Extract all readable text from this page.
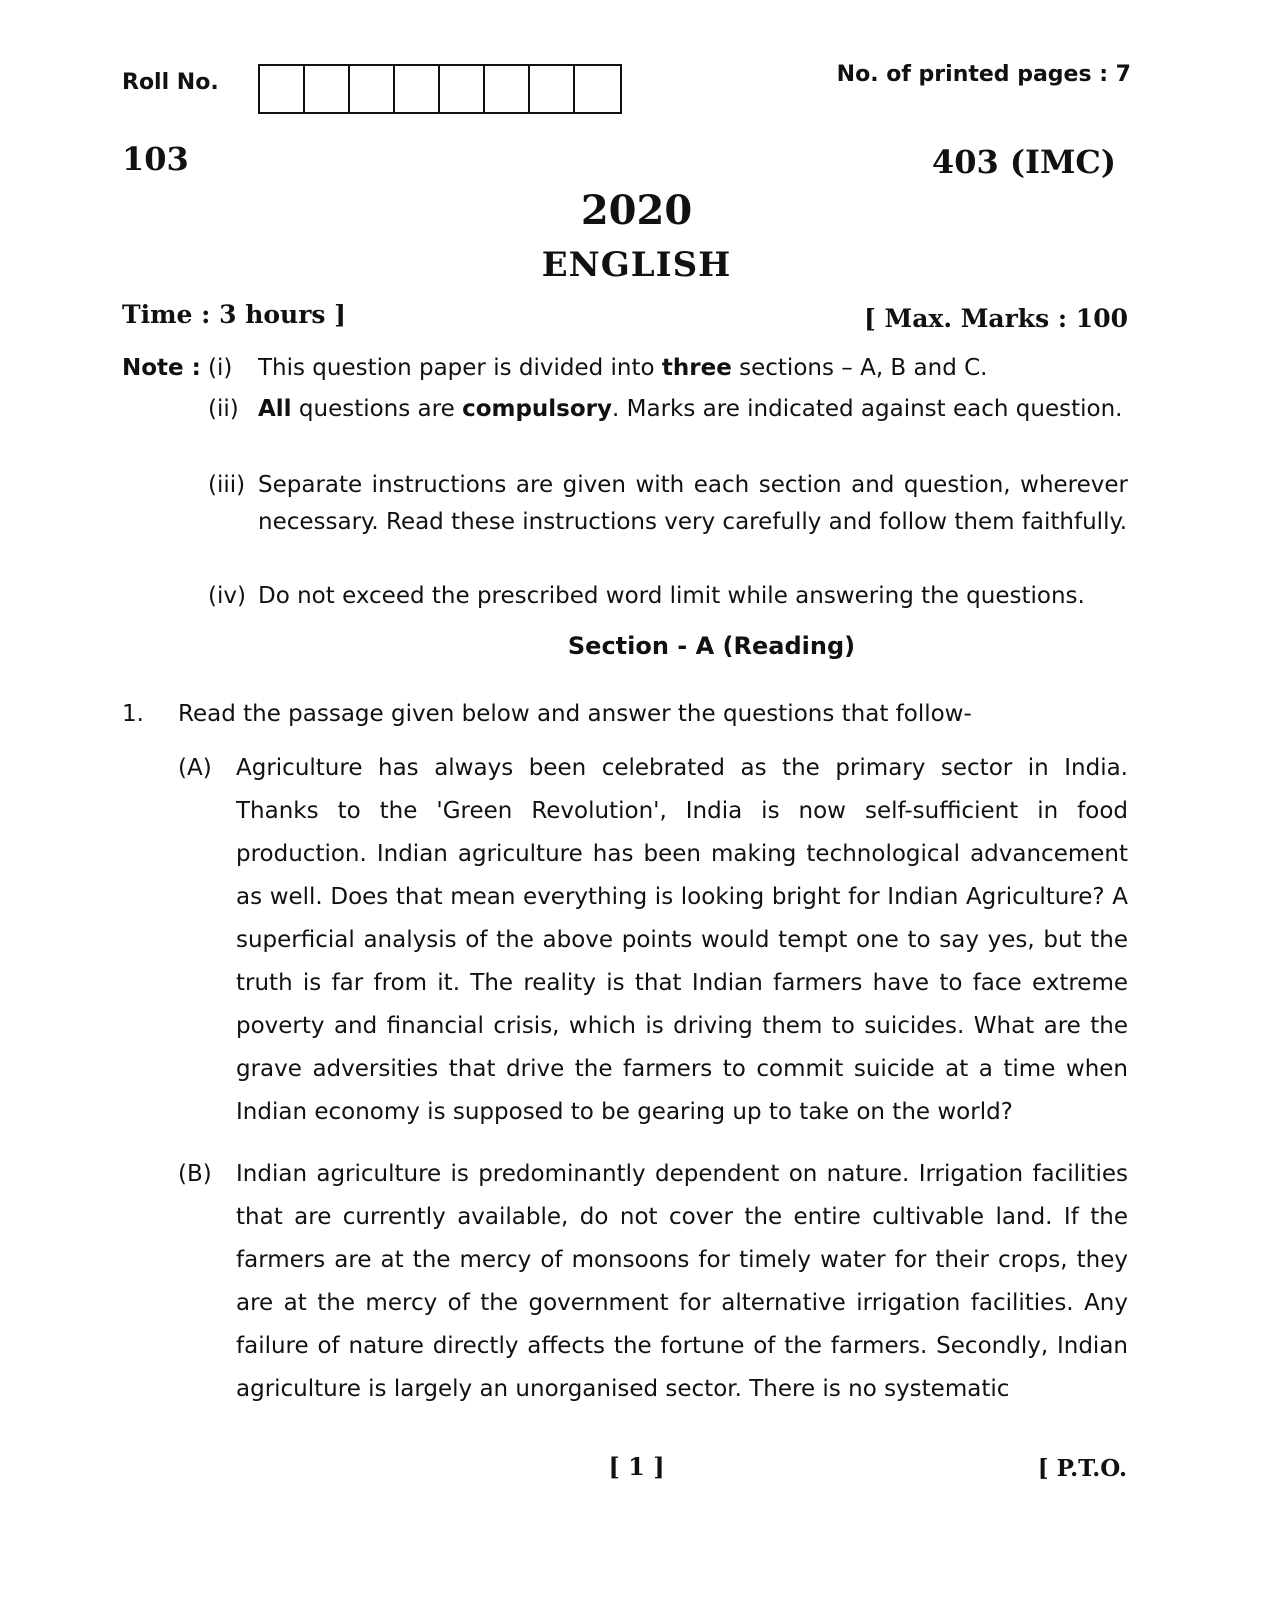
Roll No.	No. of printed pages : 7
103	403 (IMC)
2020
ENGLISH
Time : 3 hours ]	[ Max. Marks : 100
Note : (i) This question paper is divided into three sections – A, B and C.
(ii) All questions are compulsory. Marks are indicated against each question.
(iii) Separate instructions are given with each section and question, wherever necessary. Read these instructions very carefully and follow them faithfully.
(iv) Do not exceed the prescribed word limit while answering the questions.
Section - A (Reading)
1. Read the passage given below and answer the questions that follow-
(A) Agriculture has always been celebrated as the primary sector in India. Thanks to the 'Green Revolution', India is now self-sufficient in food production. Indian agriculture has been making technological advancement as well. Does that mean everything is looking bright for Indian Agriculture? A superficial analysis of the above points would tempt one to say yes, but the truth is far from it. The reality is that Indian farmers have to face extreme poverty and financial crisis, which is driving them to suicides. What are the grave adversities that drive the farmers to commit suicide at a time when Indian economy is supposed to be gearing up to take on the world?
(B) Indian agriculture is predominantly dependent on nature. Irrigation facilities that are currently available, do not cover the entire cultivable land. If the farmers are at the mercy of monsoons for timely water for their crops, they are at the mercy of the government for alternative irrigation facilities. Any failure of nature directly affects the fortune of the farmers. Secondly, Indian agriculture is largely an unorganised sector. There is no systematic
[ 1 ]	[ P.T.O.
